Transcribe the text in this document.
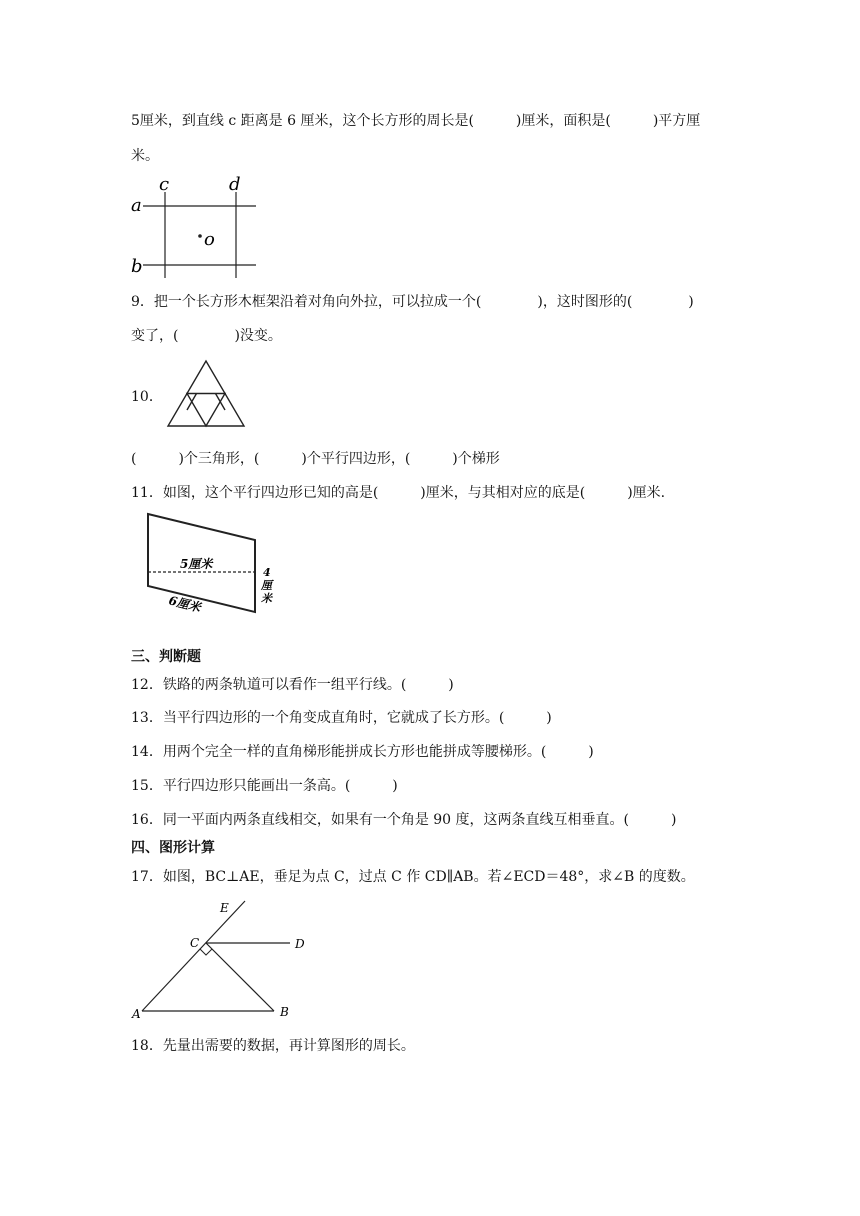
5厘米，到直线 c 距离是 6 厘米，这个长方形的周长是(　　　)厘米，面积是(　　　)平方厘
米。
a
b
c	d
o
9．把一个长方形木框架沿着对角向外拉，可以拉成一个(　　　　)，这时图形的(　　　　)
变了，(　　　　)没变。
10．
(　　　)个三角形，(　　　)个平行四边形，(　　　)个梯形
11．如图，这个平行四边形已知的高是(　　　)厘米，与其相对应的底是(　　　)厘米.
5厘米
6厘米
4
厘
米
三、判断题
12．铁路的两条轨道可以看作一组平行线。(　　　)
13．当平行四边形的一个角变成直角时，它就成了长方形。(　　　)
14．用两个完全一样的直角梯形能拼成长方形也能拼成等腰梯形。(　　　)
15．平行四边形只能画出一条高。(　　　)
16．同一平面内两条直线相交，如果有一个角是 90 度，这两条直线互相垂直。(　　　)
四、图形计算
17．如图，BC⊥AE，垂足为点 C，过点 C 作 CD∥AB。若∠ECD＝48°，求∠B 的度数。
E
C	D
A	B
18．先量出需要的数据，再计算图形的周长。
